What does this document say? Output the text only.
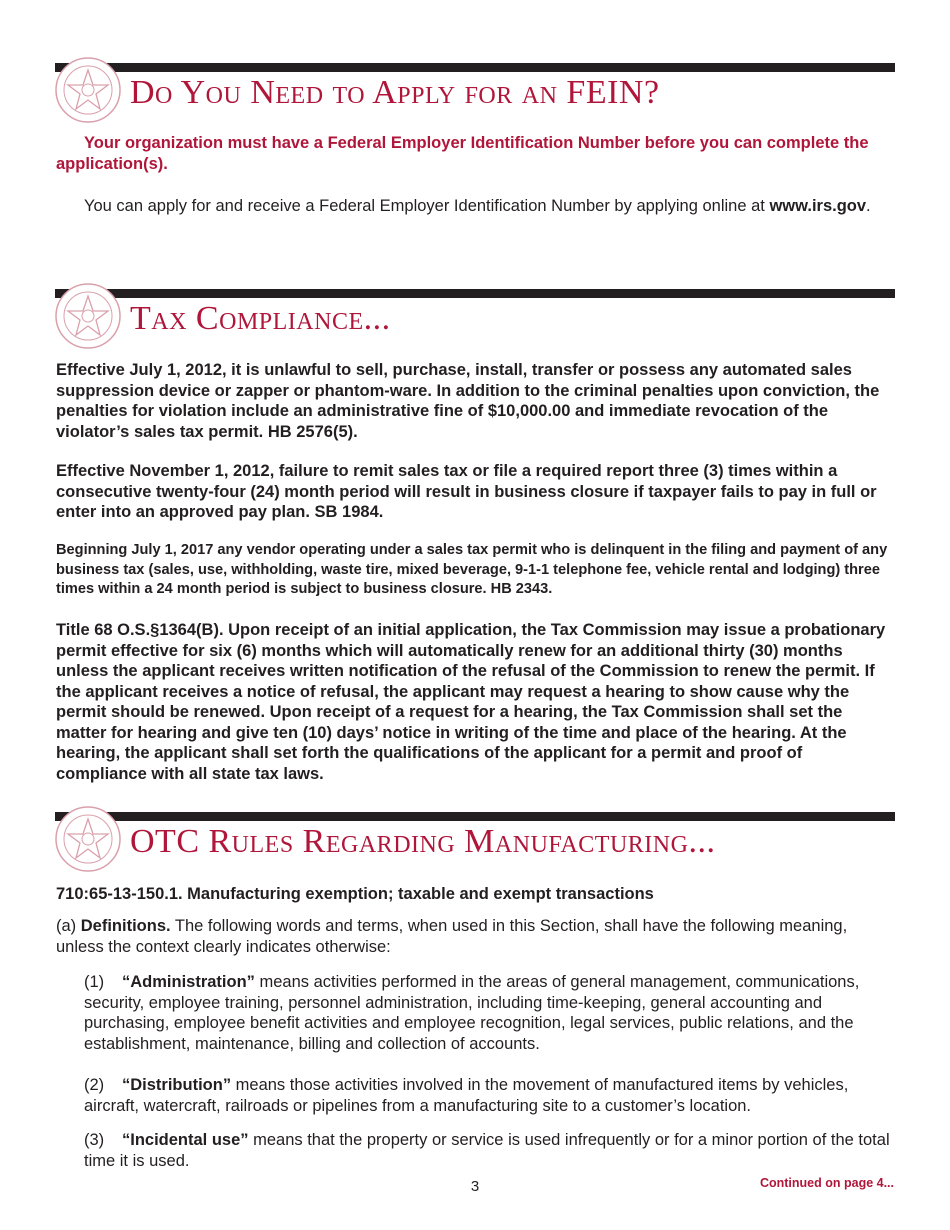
Do You Need to Apply for an FEIN?
Your organization must have a Federal Employer Identification Number before you can complete the application(s).
You can apply for and receive a Federal Employer Identification Number by applying online at www.irs.gov.
Tax Compliance...
Effective July 1, 2012, it is unlawful to sell, purchase, install, transfer or possess any automated sales suppression device or zapper or phantom-ware. In addition to the criminal penalties upon conviction, the penalties for violation include an administrative fine of $10,000.00 and immediate revocation of the violator’s sales tax permit. HB 2576(5).
Effective November 1, 2012, failure to remit sales tax or file a required report three (3) times within a consecutive twenty-four (24) month period will result in business closure if taxpayer fails to pay in full or enter into an approved pay plan. SB 1984.
Beginning July 1, 2017 any vendor operating under a sales tax permit who is delinquent in the filing and payment of any business tax (sales, use, withholding, waste tire, mixed beverage, 9-1-1 telephone fee, vehicle rental and lodging) three times within a 24 month period is subject to business closure. HB 2343.
Title 68 O.S.§1364(B). Upon receipt of an initial application, the Tax Commission may issue a probationary permit effective for six (6) months which will automatically renew for an additional thirty (30) months unless the applicant receives written notification of the refusal of the Commission to renew the permit. If the applicant receives a notice of refusal, the applicant may request a hearing to show cause why the permit should be renewed. Upon receipt of a request for a hearing, the Tax Commission shall set the matter for hearing and give ten (10) days’ notice in writing of the time and place of the hearing. At the hearing, the applicant shall set forth the qualifications of the applicant for a permit and proof of compliance with all state tax laws.
OTC Rules Regarding Manufacturing...
710:65-13-150.1. Manufacturing exemption; taxable and exempt transactions
(a) Definitions. The following words and terms, when used in this Section, shall have the following meaning, unless the context clearly indicates otherwise:
(1) “Administration” means activities performed in the areas of general management, communications, security, employee training, personnel administration, including time-keeping, general accounting and purchasing, employee benefit activities and employee recognition, legal services, public relations, and the establishment, maintenance, billing and collection of accounts.
(2) “Distribution” means those activities involved in the movement of manufactured items by vehicles, aircraft, watercraft, railroads or pipelines from a manufacturing site to a customer’s location.
(3) “Incidental use” means that the property or service is used infrequently or for a minor portion of the total time it is used.
3	Continued on page 4...
